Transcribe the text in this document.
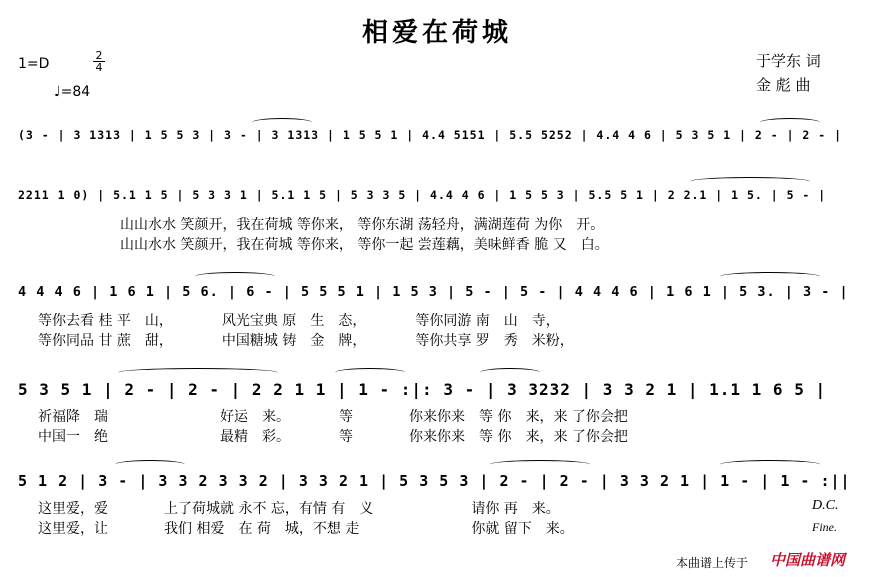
相爱在荷城
于学东 词
金 彪 曲
1=D
2
4
♩=84
(3 - | 3 1313 | 1 5 5 3 | 3 - | 3 1313 | 1 5 5 1 | 4.4 5151 | 5.5 5252 | 4.4 4 6 | 5 3 5 1 | 2 - | 2 - |
2211 1 0) | 5.1 1 5 | 5 3 3 1 | 5.1 1 5 | 5 3 3 5 | 4.4 4 6 | 1 5 5 3 | 5.5 5 1 | 2 2.1 | 1 5. | 5 - |
山山水水 笑颜开，我在荷城 等你来， 等你东湖 荡轻舟，满湖莲荷 为你　开。
山山水水 笑颜开，我在荷城 等你来， 等你一起 尝莲藕，美味鲜香 脆 又　白。
4 4 4 6 | 1 6 1 | 5 6. | 6 - | 5 5 5 1 | 1 5 3 | 5 - | 5 - | 4 4 4 6 | 1 6 1 | 5 3. | 3 - |
等你去看 桂 平　山，　　　　风光宝典 原　生　态，　　　　等你同游 南　山　寺，
等你同品 甘 蔗　甜，　　　　中国糖城 铸　金　牌，　　　　等你共享 罗　秀　米粉，
5 3 5 1 | 2 - | 2 - | 2 2 1 1 | 1 - :|: 3 - | 3 3232 | 3 3 2 1 | 1.1 1 6 5 |
祈福降　瑞　　　　　　　　好运　来。　　　　等　　　　你来你来　等 你　来，来 了你会把
中国一　绝　　　　　　　　最精　彩。　　　　等　　　　你来你来　等 你　来，来 了你会把
5 1 2 | 3 - | 3 3 2 3 3 2 | 3 3 2 1 | 5 3 5 3 | 2 - | 2 - | 3 3 2 1 | 1 - | 1 - :||
这里爱，爱　　　　上了荷城就 永不 忘，有情 有　义　　　　　　　请你 再　来。
这里爱，让　　　　我们 相爱　在 荷　城，不想 走　　　　　　　　你就 留下　来。
D.C.
Fine.
本曲谱上传于 中国曲谱网
